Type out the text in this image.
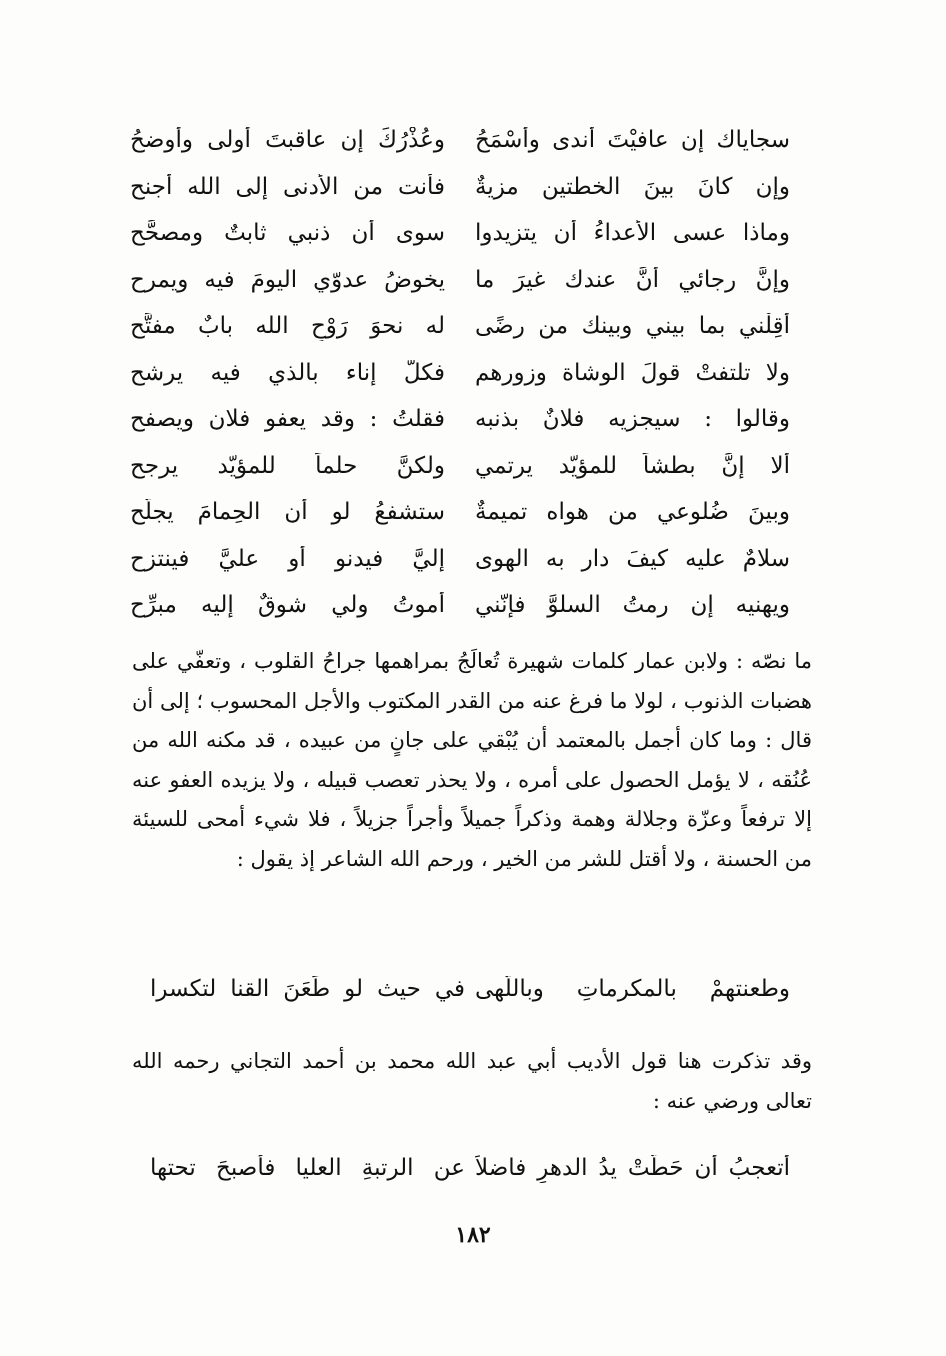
سجاياك إن عافيْتَ أندى وأسْمَحُ
وعُذْرُكَ إن عاقبتَ أولى وأوضحُ
وإن كانَ بينَ الخطتين مزيةٌ
فأنت من الأدنى إلى الله أجنح
وماذا عسى الأعداءُ أن يتزيدوا
سوى أن ذنبي ثابتٌ ومصحَّح
وإنَّ رجائي أنَّ عندك غيرَ ما
يخوضُ عدوّي اليومَ فيه ويمرح
أقِلْني بما بيني وبينك من رضًى
له نحوَ رَوْحِ الله بابٌ مفتَّح
ولا تلتفتْ قولَ الوشاة وزورهم
فكلُّ إناء بالذي فيه يرشح
وقالوا : سيجزيه فلانٌ بذنبه
فقلتُ : وقد يعفو فلان ويصفح
ألا إنَّ بطشاً للمؤيّد يرتمي
ولكنَّ حلماً للمؤيّد يرجح
وبينَ ضُلوعي من هواه تميمةٌ
ستشفعُ لو أن الحِمامَ يجلّح
سلامٌ عليه كيفَ دار به الهوى
إليَّ فيدنو أو عليَّ فينتزح
ويهنيه إن رمتُ السلوَّ فإنّني
أموتُ ولي شوقٌ إليه مبرِّح

ما نصّه : ولابن عمار كلمات شهيرة تُعالَجُ بمراهمها جراحُ القلوب ، وتعفّي على هضبات الذنوب ، لولا ما فرغ عنه من القدر المكتوب والأجل المحسوب ؛ إلى أن قال : وما كان أجمل بالمعتمد أن يُبْقي على جانٍ من عبيده ، قد مكنه الله من عُنُقه ، لا يؤمل الحصول على أمره ، ولا يحذر تعصب قبيله ، ولا يزيده العفو عنه إلا ترفعاً وعزّة وجلالة وهمة وذكراً جميلاً وأجراً جزيلاً ، فلا شيء أمحى للسيئة من الحسنة ، ولا أقتل للشر من الخير ، ورحم الله الشاعر إذ يقول :

وطعنتهمْ بالمكرماتِ وباللُّهى
في حيث لو طَعَنَ القنا لتكسرا

وقد تذكرت هنا قول الأديب أبي عبد الله محمد بن أحمد التجاني رحمه الله تعالى ورضي عنه :

أتعجبُ أن حَطّتْ يدُ الدهرِ فاضلاً
عن الرتبةِ العليا فأصبحَ تحتها
١٨٢
